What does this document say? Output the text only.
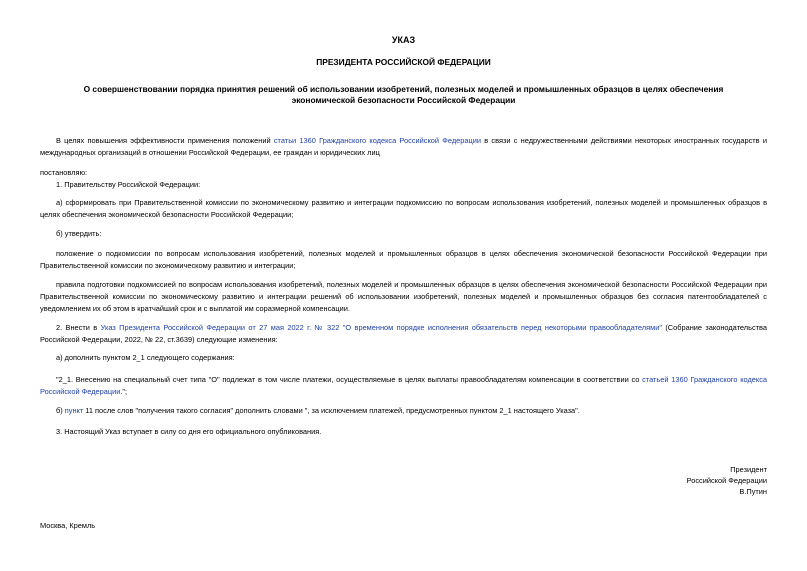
УКАЗ
ПРЕЗИДЕНТА РОССИЙСКОЙ ФЕДЕРАЦИИ
О совершенствовании порядка принятия решений об использовании изобретений, полезных моделей и промышленных образцов в целях обеспечения экономической безопасности Российской Федерации
В целях повышения эффективности применения положений статьи 1360 Гражданского кодекса Российской Федерации в связи с недружественными действиями некоторых иностранных государств и международных организаций в отношении Российской Федерации, ее граждан и юридических лиц
постановляю:
1. Правительству Российской Федерации:
а) сформировать при Правительственной комиссии по экономическому развитию и интеграции подкомиссию по вопросам использования изобретений, полезных моделей и промышленных образцов в целях обеспечения экономической безопасности Российской Федерации;
б) утвердить:
положение о подкомиссии по вопросам использования изобретений, полезных моделей и промышленных образцов в целях обеспечения экономической безопасности Российской Федерации при Правительственной комиссии по экономическому развитию и интеграции;
правила подготовки подкомиссией по вопросам использования изобретений, полезных моделей и промышленных образцов в целях обеспечения экономической безопасности Российской Федерации при Правительственной комиссии по экономическому развитию и интеграции решений об использовании изобретений, полезных моделей и промышленных образцов без согласия патентообладателей с уведомлением их об этом в кратчайший срок и с выплатой им соразмерной компенсации.
2. Внести в Указ Президента Российской Федерации от 27 мая 2022 г. № 322 "О временном порядке исполнения обязательств перед некоторыми правообладателями" (Собрание законодательства Российской Федерации, 2022, № 22, ст.3639) следующие изменения:
а) дополнить пунктом 2_1 следующего содержания:
"2_1. Внесению на специальный счет типа "О" подлежат в том числе платежи, осуществляемые в целях выплаты правообладателям компенсации в соответствии со статьей 1360 Гражданского кодекса Российской Федерации.";
б) пункт 11 после слов "получения такого согласия" дополнить словами ", за исключением платежей, предусмотренных пунктом 2_1 настоящего Указа".
3. Настоящий Указ вступает в силу со дня его официального опубликования.
Президент
Российской Федерации
В.Путин
Москва, Кремль
